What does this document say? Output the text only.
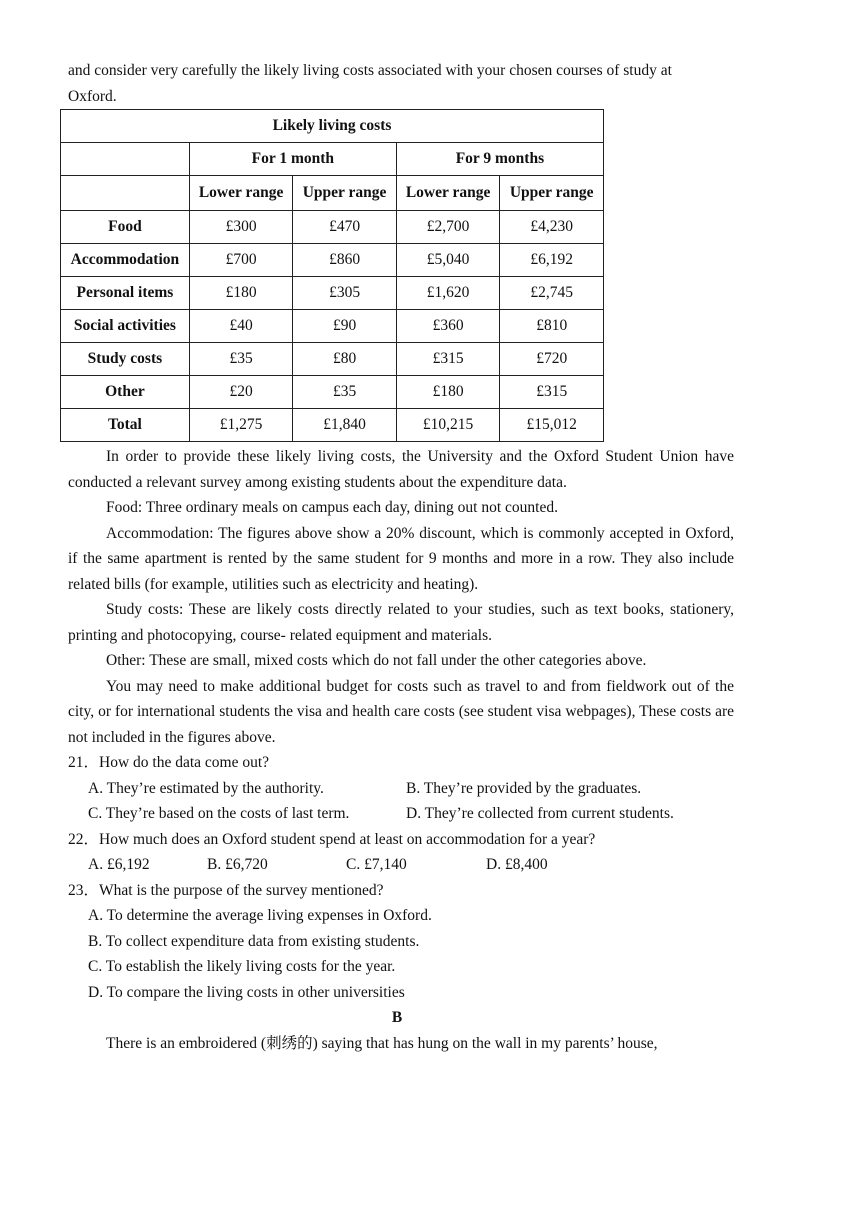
and consider very carefully the likely living costs associated with your chosen courses of study at

Oxford.

Likely living costs				
	For 1 month		For 9 months	
	Lower range	Upper range	Lower range	Upper range
Food	£300	£470	£2,700	£4,230
Accommodation	£700	£860	£5,040	£6,192
Personal items	£180	£305	£1,620	£2,745
Social activities	£40	£90	£360	£810
Study costs	£35	£80	£315	£720
Other	£20	£35	£180	£315
Total	£1,275	£1,840	£10,215	£15,012

In order to provide these likely living costs, the University and the Oxford Student Union have conducted a relevant survey among existing students about the expenditure data.

Food: Three ordinary meals on campus each day, dining out not counted.

Accommodation: The figures above show a 20% discount, which is commonly accepted in Oxford, if the same apartment is rented by the same student for 9 months and more in a row. They also include related bills (for example, utilities such as electricity and heating).

Study costs: These are likely costs directly related to your studies, such as text books, stationery, printing and photocopying, course- related equipment and materials.

Other: These are small, mixed costs which do not fall under the other categories above.

You may need to make additional budget for costs such as travel to and from fieldwork out of the city, or for international students the visa and health care costs (see student visa webpages), These costs are not included in the figures above.

21．How do the data come out?

A. They’re estimated by the authority.	B. They’re provided by the graduates.
C. They’re based on the costs of last term.	D. They’re collected from current students.

22．How much does an Oxford student spend at least on accommodation for a year?

A. £6,192	B. £6,720	C. £7,140	D. £8,400

23．What is the purpose of the survey mentioned?

A. To determine the average living expenses in Oxford.
B. To collect expenditure data from existing students.
C. To establish the likely living costs for the year.
D. To compare the living costs in other universities
B

There is an embroidered (刺绣的) saying that has hung on the wall in my parents’ house,
